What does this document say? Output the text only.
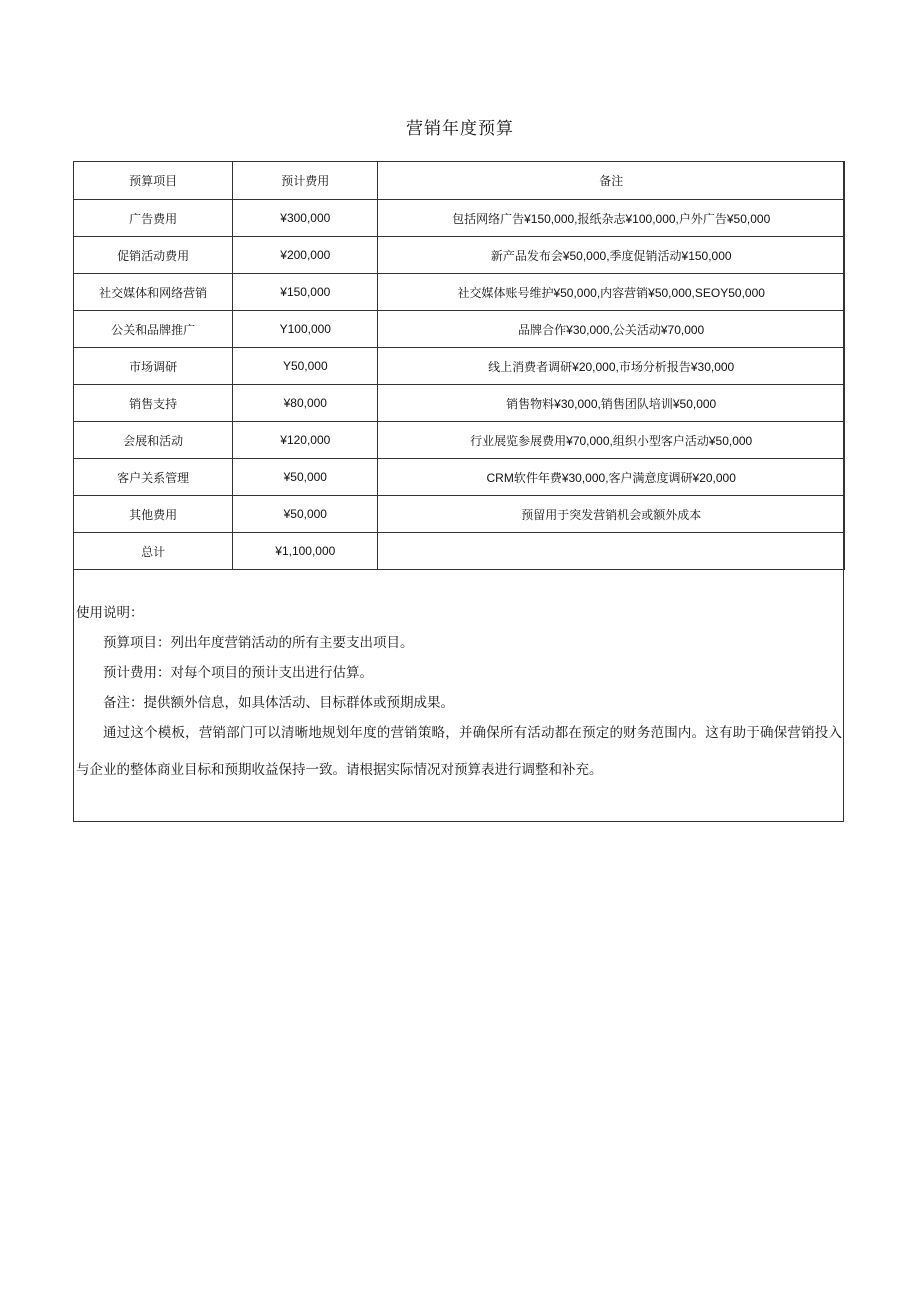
营销年度预算
预算项目	预计费用	备注
广告费用	¥300,000	包括网络广告¥150,000,报纸杂志¥100,000,户外广告¥50,000
促销活动费用	¥200,000	新产品发布会¥50,000,季度促销活动¥150,000
社交媒体和网络营销	¥150,000	社交媒体账号维护¥50,000,内容营销¥50,000,SEOY50,000
公关和品牌推广	Y100,000	品牌合作¥30,000,公关活动¥70,000
市场调研	Y50,000	线上消费者调研¥20,000,市场分析报告¥30,000
销售支持	¥80,000	销售物料¥30,000,销售团队培训¥50,000
会展和活动	¥120,000	行业展览参展费用¥70,000,组织小型客户活动¥50,000
客户关系管理	¥50,000	CRM软件年费¥30,000,客户满意度调研¥20,000
其他费用	¥50,000	预留用于突发营销机会或额外成本
总计	¥1,100,000	

使用说明：

预算项目：列出年度营销活动的所有主要支出项目。

预计费用：对每个项目的预计支出进行估算。

备注：提供额外信息，如具体活动、目标群体或预期成果。

通过这个模板，营销部门可以清晰地规划年度的营销策略，并确保所有活动都在预定的财务范围内。这有助于确保营销投入与企业的整体商业目标和预期收益保持一致。请根据实际情况对预算表进行调整和补充。
